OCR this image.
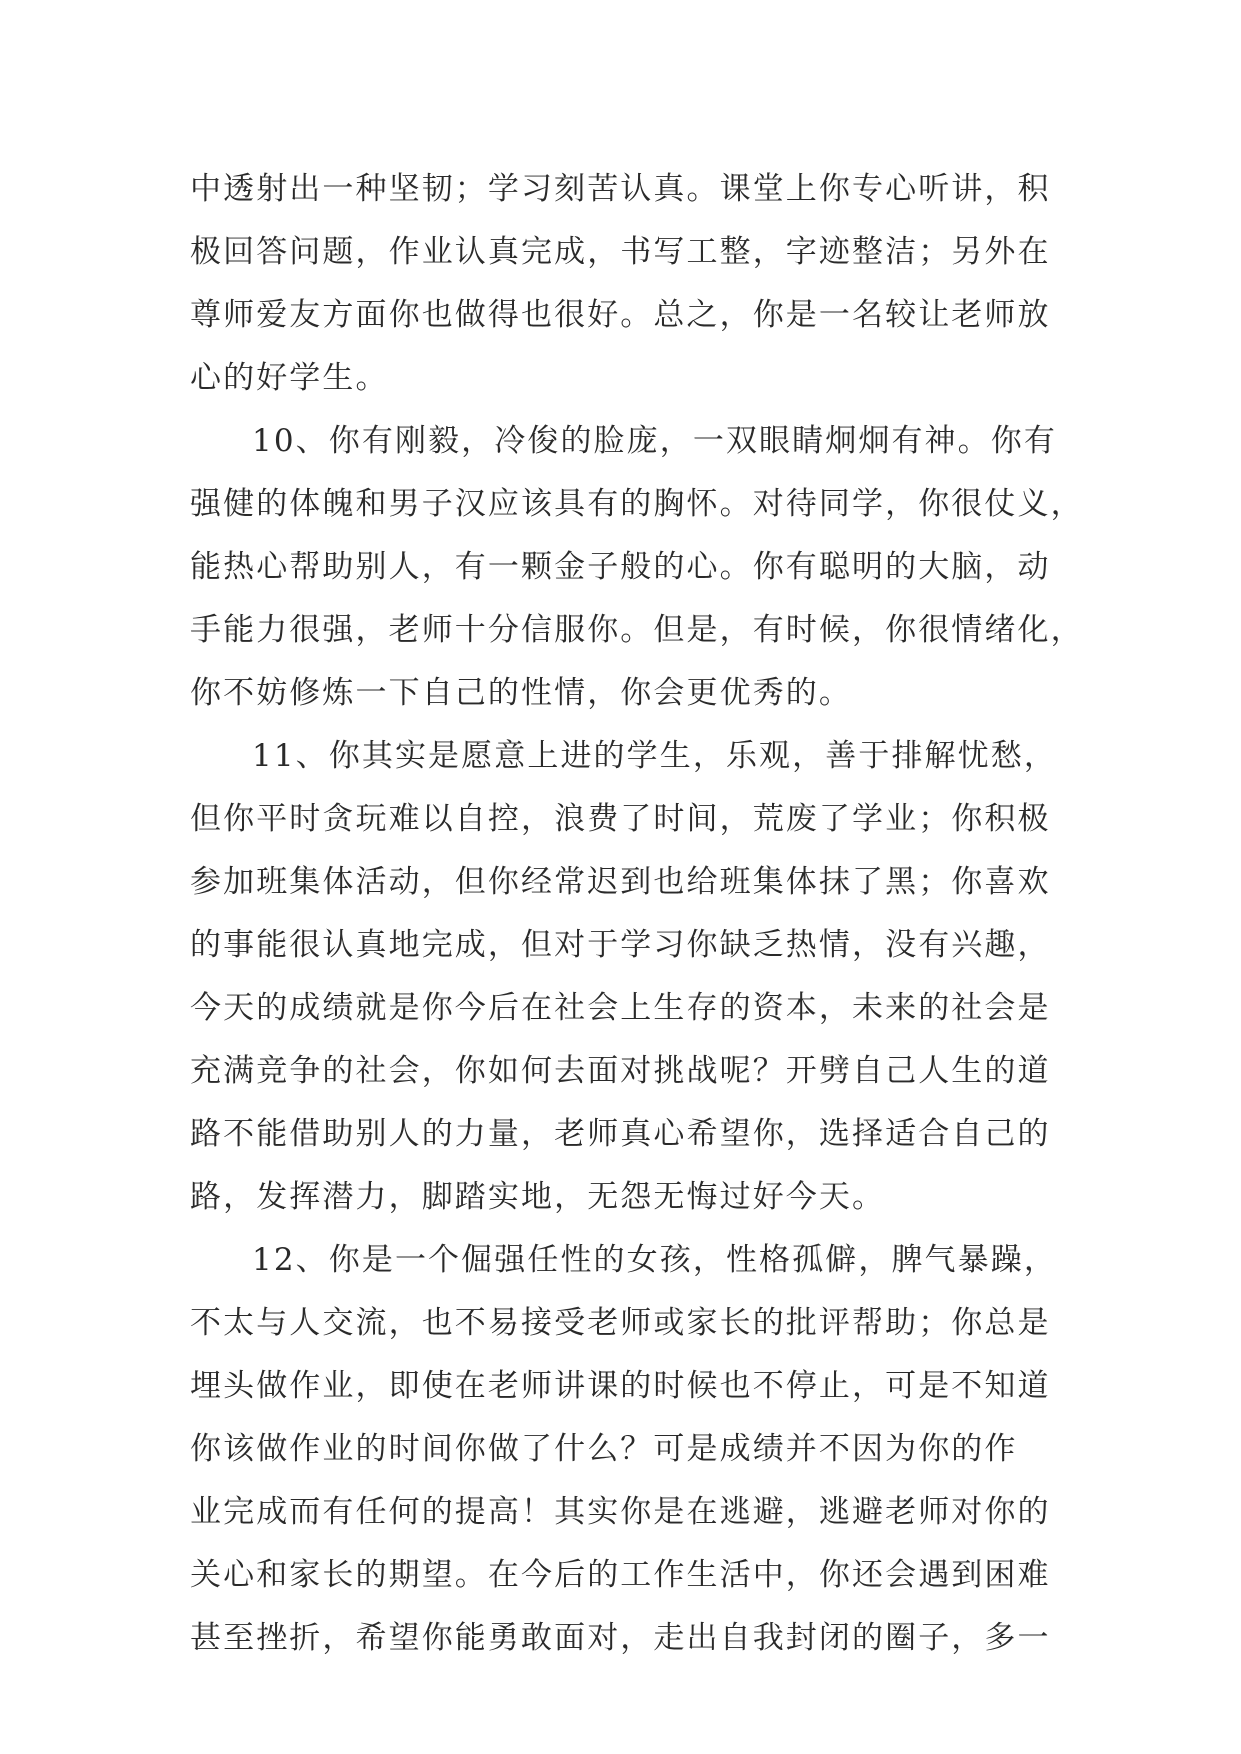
中透射出一种坚韧；学习刻苦认真。课堂上你专心听讲，积
极回答问题，作业认真完成，书写工整，字迹整洁；另外在
尊师爱友方面你也做得也很好。总之，你是一名较让老师放
心的好学生。
10、你有刚毅，冷俊的脸庞，一双眼睛炯炯有神。你有
强健的体魄和男子汉应该具有的胸怀。对待同学，你很仗义，
能热心帮助别人，有一颗金子般的心。你有聪明的大脑，动
手能力很强，老师十分信服你。但是，有时候，你很情绪化，
你不妨修炼一下自己的性情，你会更优秀的。
11、你其实是愿意上进的学生，乐观，善于排解忧愁，
但你平时贪玩难以自控，浪费了时间，荒废了学业；你积极
参加班集体活动，但你经常迟到也给班集体抹了黑；你喜欢
的事能很认真地完成，但对于学习你缺乏热情，没有兴趣，
今天的成绩就是你今后在社会上生存的资本，未来的社会是
充满竞争的社会，你如何去面对挑战呢？开劈自己人生的道
路不能借助别人的力量，老师真心希望你，选择适合自己的
路，发挥潜力，脚踏实地，无怨无悔过好今天。
12、你是一个倔强任性的女孩，性格孤僻，脾气暴躁，
不太与人交流，也不易接受老师或家长的批评帮助；你总是
埋头做作业，即使在老师讲课的时候也不停止，可是不知道
你该做作业的时间你做了什么？可是成绩并不因为你的作
业完成而有任何的提高！其实你是在逃避，逃避老师对你的
关心和家长的期望。在今后的工作生活中，你还会遇到困难
甚至挫折，希望你能勇敢面对，走出自我封闭的圈子，多一
